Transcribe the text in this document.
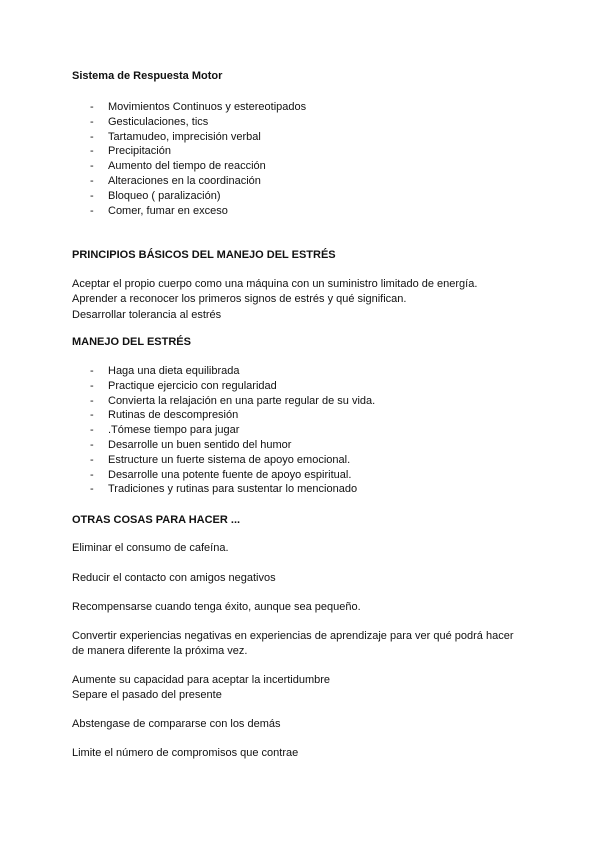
Sistema de Respuesta Motor
-	Movimientos Continuos y estereotipados
-	Gesticulaciones, tics
-	Tartamudeo, imprecisión verbal
-	Precipitación
-	Aumento del tiempo de reacción
-	Alteraciones en la coordinación
-	Bloqueo ( paralización)
-	Comer, fumar en exceso
PRINCIPIOS BÁSICOS DEL MANEJO DEL ESTRÉS
Aceptar el propio cuerpo como una máquina con un suministro limitado de energía.
Aprender a reconocer los primeros signos de estrés y qué significan.
Desarrollar tolerancia al estrés
MANEJO DEL ESTRÉS
-	Haga una dieta equilibrada
-	Practique ejercicio con regularidad
-	Convierta la relajación en una parte regular de su vida.
-	Rutinas de descompresión
-	.Tómese tiempo para jugar
-	Desarrolle un buen sentido del humor
-	Estructure un fuerte sistema de apoyo emocional.
-	Desarrolle una potente fuente de apoyo espiritual.
-	Tradiciones y rutinas para sustentar lo mencionado
OTRAS COSAS PARA HACER ...
Eliminar el consumo de cafeína.
Reducir el contacto con amigos negativos
Recompensarse cuando tenga éxito, aunque sea pequeño.
Convertir experiencias negativas en experiencias de aprendizaje para ver qué podrá hacer
de manera diferente la próxima vez.
Aumente su capacidad para aceptar la incertidumbre
Separe el pasado del presente
Abstengase de compararse con los demás
Limite el número de compromisos que contrae
